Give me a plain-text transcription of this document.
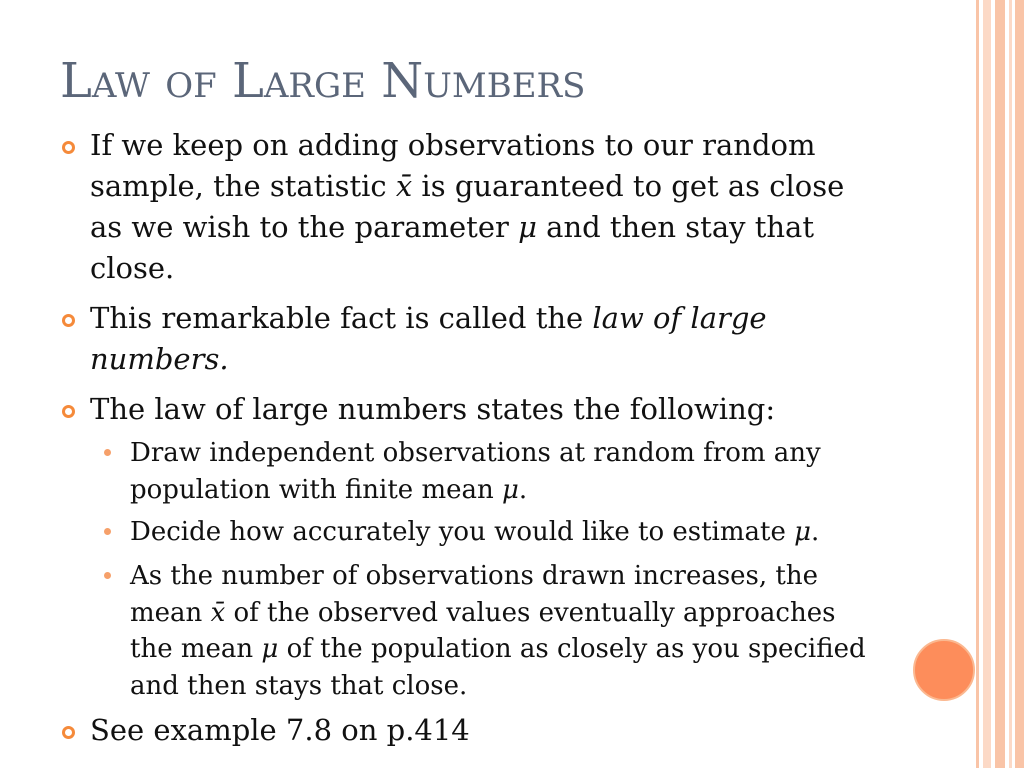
Law of Large Numbers
If we keep on adding observations to our random
sample, the statistic x̄ is guaranteed to get as close
as we wish to the parameter μ and then stay that
close.
This remarkable fact is called the law of large
numbers.
The law of large numbers states the following:
Draw independent observations at random from any
population with finite mean μ.
Decide how accurately you would like to estimate μ.
As the number of observations drawn increases, the
mean x̄ of the observed values eventually approaches
the mean μ of the population as closely as you specified
and then stays that close.
See example 7.8 on p.414
